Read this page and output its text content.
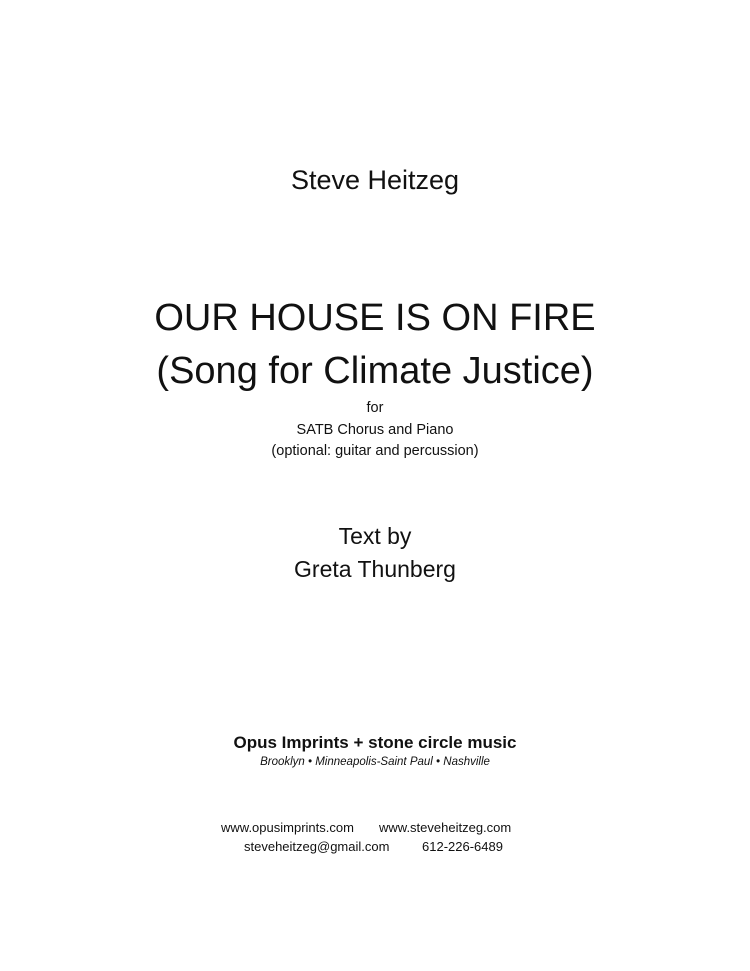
Steve Heitzeg
OUR HOUSE IS ON FIRE
(Song for Climate Justice)
for
SATB Chorus and Piano
(optional: guitar and percussion)
Text by
Greta Thunberg
Opus Imprints + stone circle music
Brooklyn • Minneapolis-Saint Paul • Nashville
www.opusimprints.com www.steveheitzeg.com
steveheitzeg@gmail.com	612-226-6489
